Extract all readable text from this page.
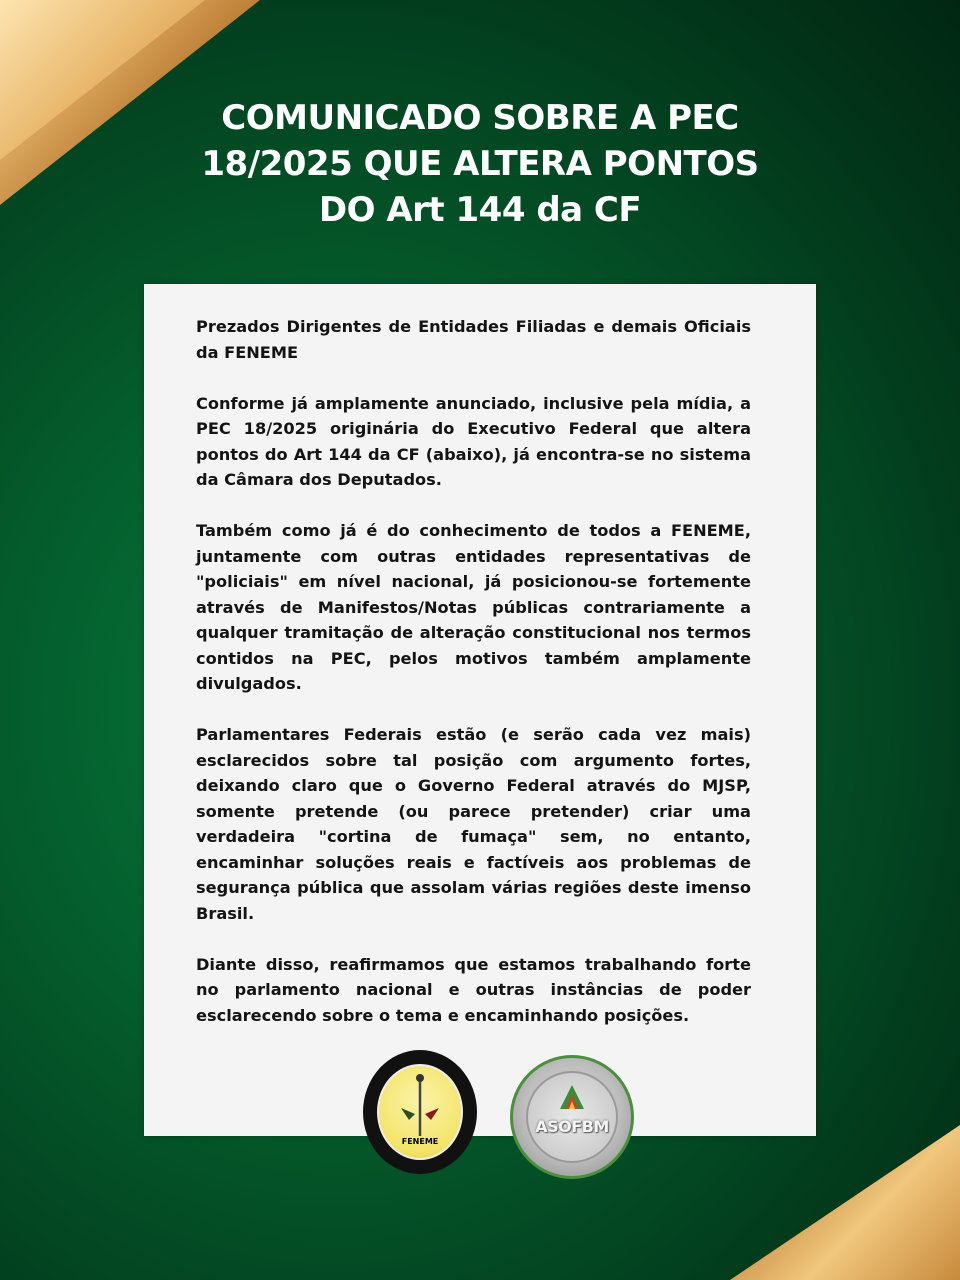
COMUNICADO SOBRE A PEC
18/2025 QUE ALTERA PONTOS
DO Art 144 da CF

Prezados Dirigentes de Entidades Filiadas e demais Oficiais da FENEME

Conforme já amplamente anunciado, inclusive pela mídia, a PEC 18/2025 originária do Executivo Federal que altera pontos do Art 144 da CF (abaixo), já encontra-se no sistema da Câmara dos Deputados.

Também como já é do conhecimento de todos a FENEME, juntamente com outras entidades representativas de "policiais" em nível nacional, já posicionou-se fortemente através de Manifestos/Notas públicas contrariamente a qualquer tramitação de alteração constitucional nos termos contidos na PEC, pelos motivos também amplamente divulgados.

Parlamentares Federais estão (e serão cada vez mais) esclarecidos sobre tal posição com argumento fortes, deixando claro que o Governo Federal através do MJSP, somente pretende (ou parece pretender) criar uma verdadeira "cortina de fumaça" sem, no entanto, encaminhar soluções reais e factíveis aos problemas de segurança pública que assolam várias regiões deste imenso Brasil.

Diante disso, reafirmamos que estamos trabalhando forte no parlamento nacional e outras instâncias de poder esclarecendo sobre o tema e encaminhando posições.

FENEME
ASOFBM
